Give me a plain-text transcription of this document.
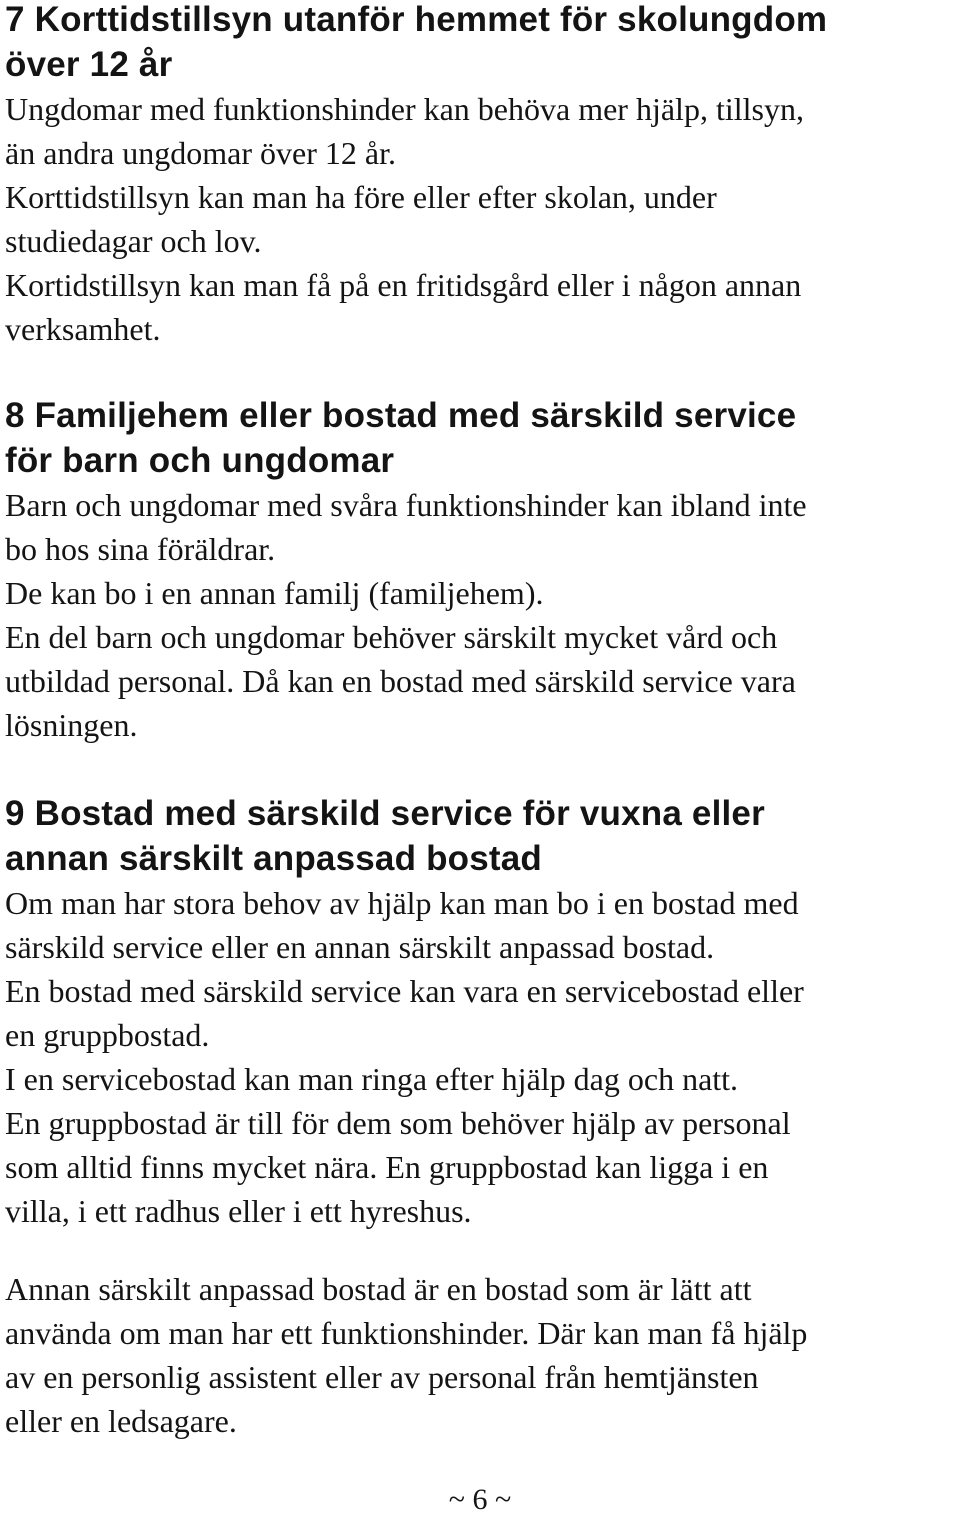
7 Korttidstillsyn utanför hemmet för skolungdom
över 12 år

Ungdomar med funktionshinder kan behöva mer hjälp, tillsyn,

än andra ungdomar över 12 år.

Korttidstillsyn kan man ha före eller efter skolan, under

studiedagar och lov.

Kortidstillsyn kan man få på en fritidsgård eller i någon annan

verksamhet.

8 Familjehem eller bostad med särskild service
för barn och ungdomar

Barn och ungdomar med svåra funktionshinder kan ibland inte

bo hos sina föräldrar.

De kan bo i en annan familj (familjehem).

En del barn och ungdomar behöver särskilt mycket vård och

utbildad personal. Då kan en bostad med särskild service vara

lösningen.

9 Bostad med särskild service för vuxna eller
annan särskilt anpassad bostad

Om man har stora behov av hjälp kan man bo i en bostad med

särskild service eller en annan särskilt anpassad bostad.

En bostad med särskild service kan vara en servicebostad eller

en gruppbostad.

I en servicebostad kan man ringa efter hjälp dag och natt.

En gruppbostad är till för dem som behöver hjälp av personal

som alltid finns mycket nära. En gruppbostad kan ligga i en

villa, i ett radhus eller i ett hyreshus.

Annan särskilt anpassad bostad är en bostad som är lätt att

använda om man har ett funktionshinder. Där kan man få hjälp

av en personlig assistent eller av personal från hemtjänsten

eller en ledsagare.

~ 6 ~
